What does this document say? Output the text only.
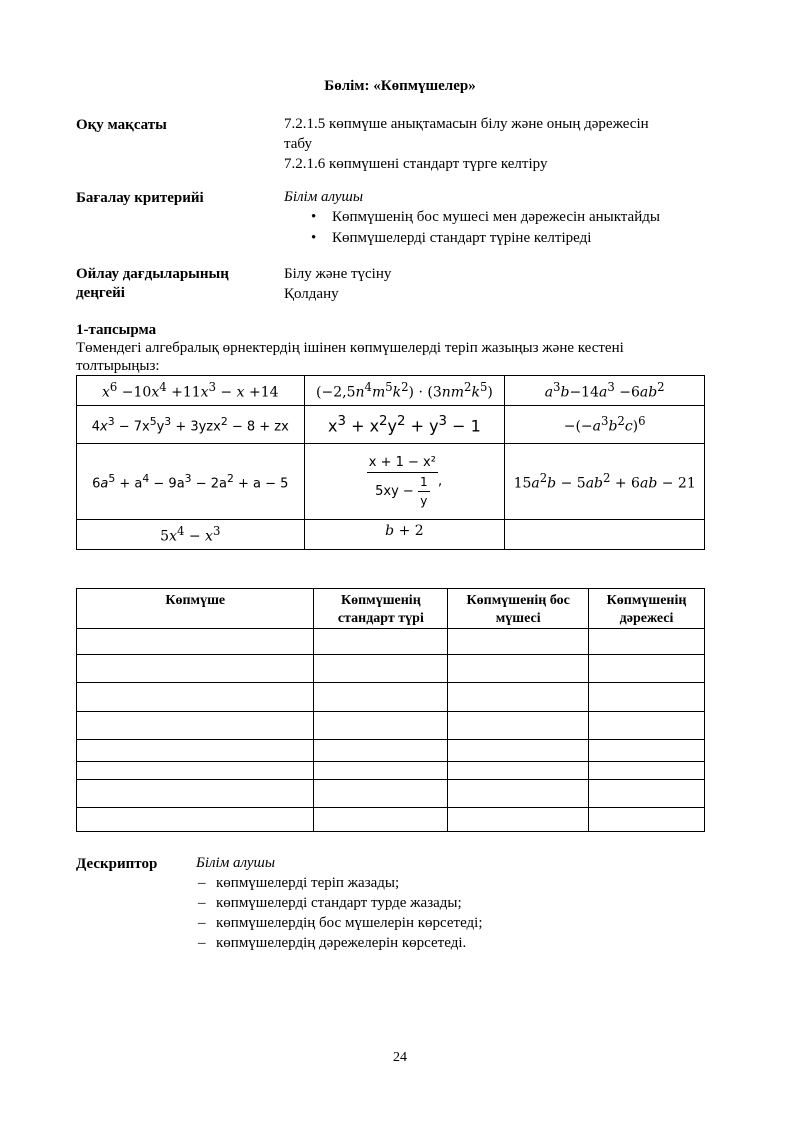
Бөлім: «Көпмүшелер»
Оқу мақсаты	7.2.1.5 көпмүше анықтамасын білу және оның дәрежесін
табу
7.2.1.6 көпмүшені стандарт түрге келтіру
Бағалау критерийі	Білім алушы
• Көпмүшенің бос мушесі мен дәрежесін аныктайды
• Көпмүшелерді стандарт түріне келтіреді
Ойлау дағдыларының
деңгейі
Білу және түсіну
Қолдану
1-тапсырма
Төмендегі алгебралық өрнектердің ішінен көпмүшелерді теріп жазыңыз және кестені
толтырыңыз:
$x^6 -10x^4 +11x^3 - x +14$	$(-2,5n^4m^5k^2) \cdot (3nm^2k^5)$	$a^3b-14a^3 -6ab^2$
$4x^3 - 7x^5y^3 + 3yzx^2 - 8$ + zx	$x^3 + x^2y^2 + y^3 - 1$	$-(-a^3b^2c)^6$
$6a^5 + a^4 - 9a^3 - 2a^2 + a - 5$	$\frac{\text{x + 1 − x²}}{5xy - \frac{1}{y}}$ ,	$15a^2b - 5ab^2 + 6ab - 21$
$5x^4 - x^3$	b + 2	
Көпмүше	Көпмүшенің стандарт түрі	Көпмүшенің бос мүшесі	Көпмүшенің дәрежесі

Дескриптор	Білім алушы
– көпмүшелерді теріп жазады;
– көпмүшелерді стандарт турде жазады;
– көпмүшелердің бос мүшелерін көрсетеді;
– көпмүшелердің дәрежелерін көрсетеді.
24
